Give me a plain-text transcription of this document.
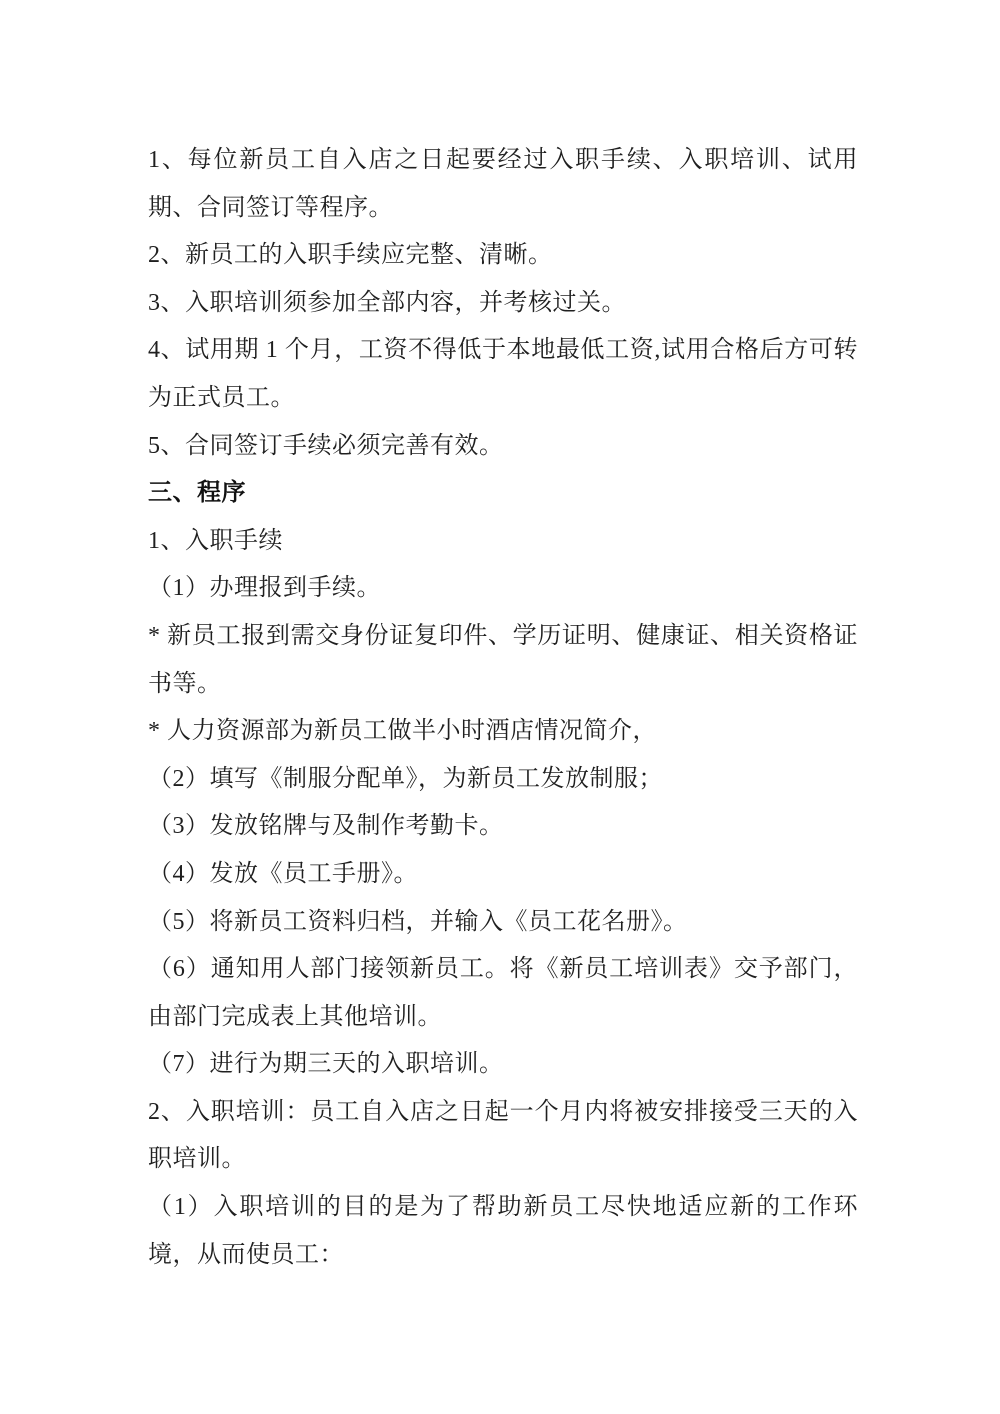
1、每位新员工自入店之日起要经过入职手续、入职培训、试用期、合同签订等程序。

2、新员工的入职手续应完整、清晰。

3、入职培训须参加全部内容，并考核过关。

4、试用期 1 个月，工资不得低于本地最低工资,试用合格后方可转为正式员工。

5、合同签订手续必须完善有效。

三、程序

1、入职手续

（1）办理报到手续。

* 新员工报到需交身份证复印件、学历证明、健康证、相关资格证书等。

* 人力资源部为新员工做半小时酒店情况简介，

（2）填写《制服分配单》，为新员工发放制服；

（3）发放铭牌与及制作考勤卡。

（4）发放《员工手册》。

（5）将新员工资料归档，并输入《员工花名册》。

（6）通知用人部门接领新员工。将《新员工培训表》交予部门，由部门完成表上其他培训。

（7）进行为期三天的入职培训。

2、入职培训：员工自入店之日起一个月内将被安排接受三天的入职培训。

（1）入职培训的目的是为了帮助新员工尽快地适应新的工作环境，从而使员工：
